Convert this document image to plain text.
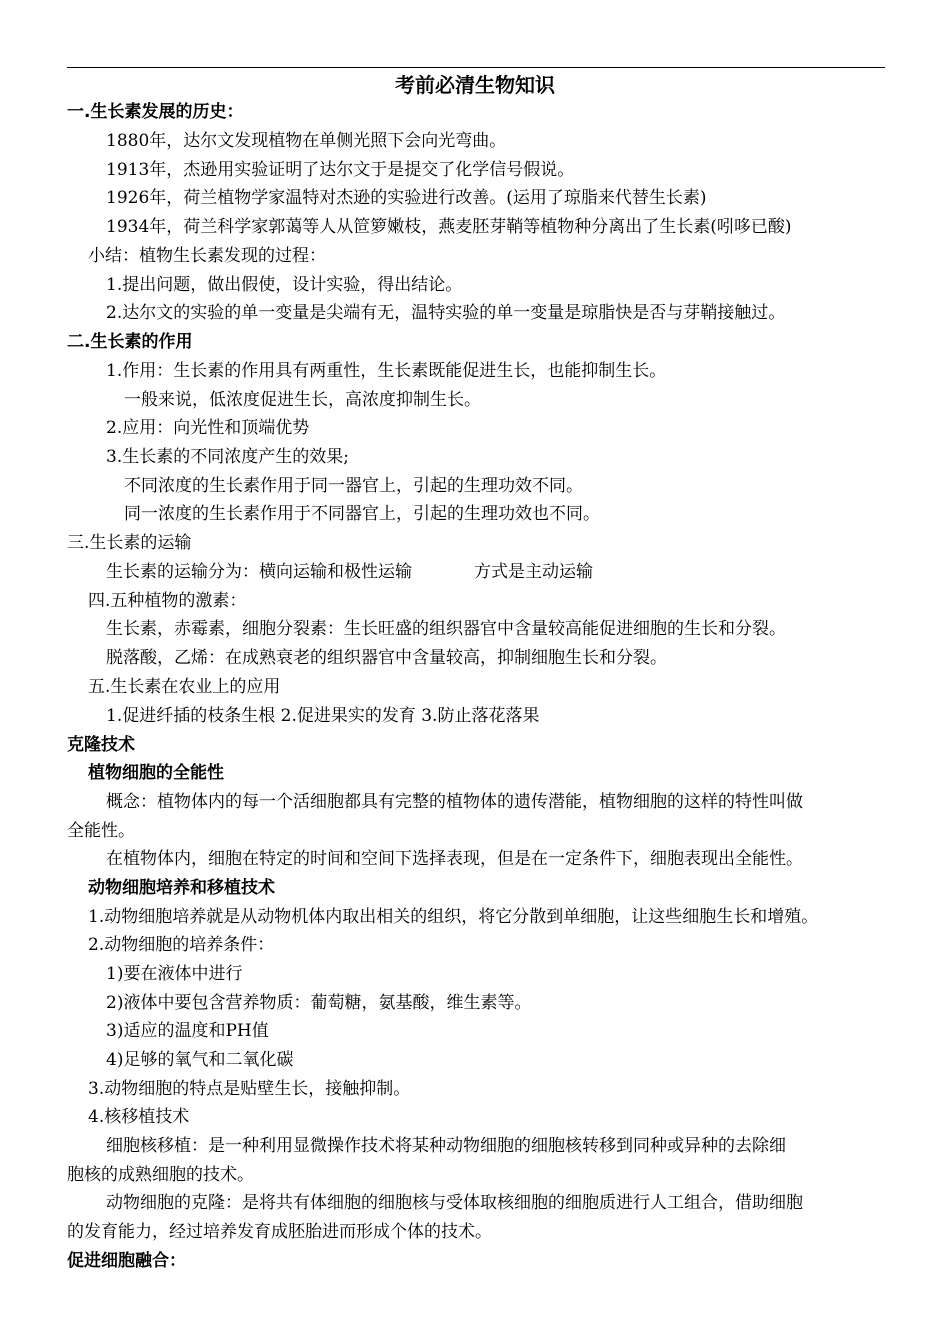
考前必清生物知识
一.生长素发展的历史：
1880年，达尔文发现植物在单侧光照下会向光弯曲。
1913年，杰逊用实验证明了达尔文于是提交了化学信号假说。
1926年，荷兰植物学家温特对杰逊的实验进行改善。(运用了琼脂来代替生长素)
1934年，荷兰科学家郭蔼等人从笸箩嫩枝，燕麦胚芽鞘等植物种分离出了生长素(吲哆已酸)
小结：植物生长素发现的过程：
1.提出问题，做出假使，设计实验，得出结论。
2.达尔文的实验的单一变量是尖端有无，温特实验的单一变量是琼脂快是否与芽鞘接触过。
二.生长素的作用
1.作用：生长素的作用具有两重性，生长素既能促进生长，也能抑制生长。
一般来说，低浓度促进生长，高浓度抑制生长。
2.应用：向光性和顶端优势
3.生长素的不同浓度产生的效果;
不同浓度的生长素作用于同一器官上，引起的生理功效不同。
同一浓度的生长素作用于不同器官上，引起的生理功效也不同。
三.生长素的运输
生长素的运输分为：横向运输和极性运输	方式是主动运输
四.五种植物的激素：
生长素，赤霉素，细胞分裂素：生长旺盛的组织器官中含量较高能促进细胞的生长和分裂。
脱落酸，乙烯：在成熟衰老的组织器官中含量较高，抑制细胞生长和分裂。
五.生长素在农业上的应用
1.促进纤插的枝条生根 2.促进果实的发育 3.防止落花落果
克隆技术
植物细胞的全能性
概念：植物体内的每一个活细胞都具有完整的植物体的遗传潜能，植物细胞的这样的特性叫做
全能性。
在植物体内，细胞在特定的时间和空间下选择表现，但是在一定条件下，细胞表现出全能性。
动物细胞培养和移植技术
1.动物细胞培养就是从动物机体内取出相关的组织，将它分散到单细胞，让这些细胞生长和增殖。
2.动物细胞的培养条件：
1)要在液体中进行
2)液体中要包含营养物质：葡萄糖，氨基酸，维生素等。
3)适应的温度和PH值
4)足够的氧气和二氧化碳
3.动物细胞的特点是贴壁生长，接触抑制。
4.核移植技术
细胞核移植：是一种利用显微操作技术将某种动物细胞的细胞核转移到同种或异种的去除细
胞核的成熟细胞的技术。
动物细胞的克隆：是将共有体细胞的细胞核与受体取核细胞的细胞质进行人工组合，借助细胞
的发育能力，经过培养发育成胚胎进而形成个体的技术。
促进细胞融合：
